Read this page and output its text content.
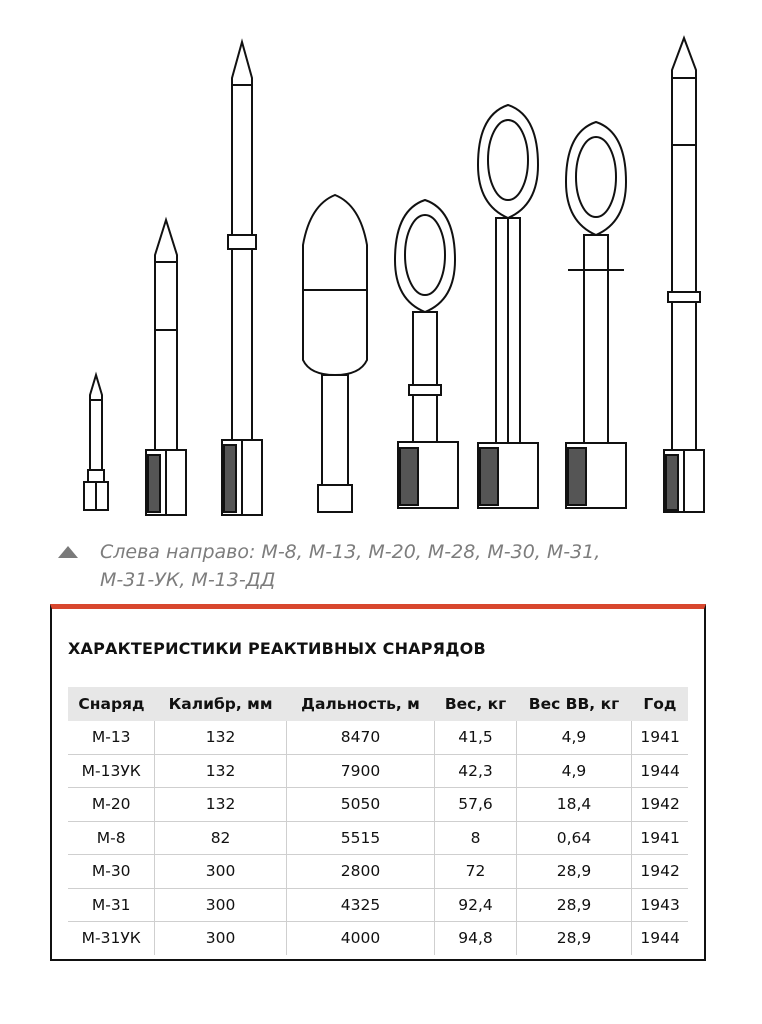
Слева направо: М-8, М-13, М-20, М-28, М-30, М-31,
М-31-УК, М-13-ДД
ХАРАКТЕРИСТИКИ РЕАКТИВНЫХ СНАРЯДОВ
Снаряд	Калибр, мм	Дальность, м	Вес, кг	Вес ВВ, кг	Год
М-13	132	8470	41,5	4,9	1941
М-13УК	132	7900	42,3	4,9	1944
М-20	132	5050	57,6	18,4	1942
М-8	82	5515	8	0,64	1941
М-30	300	2800	72	28,9	1942
М-31	300	4325	92,4	28,9	1943
М-31УК	300	4000	94,8	28,9	1944
